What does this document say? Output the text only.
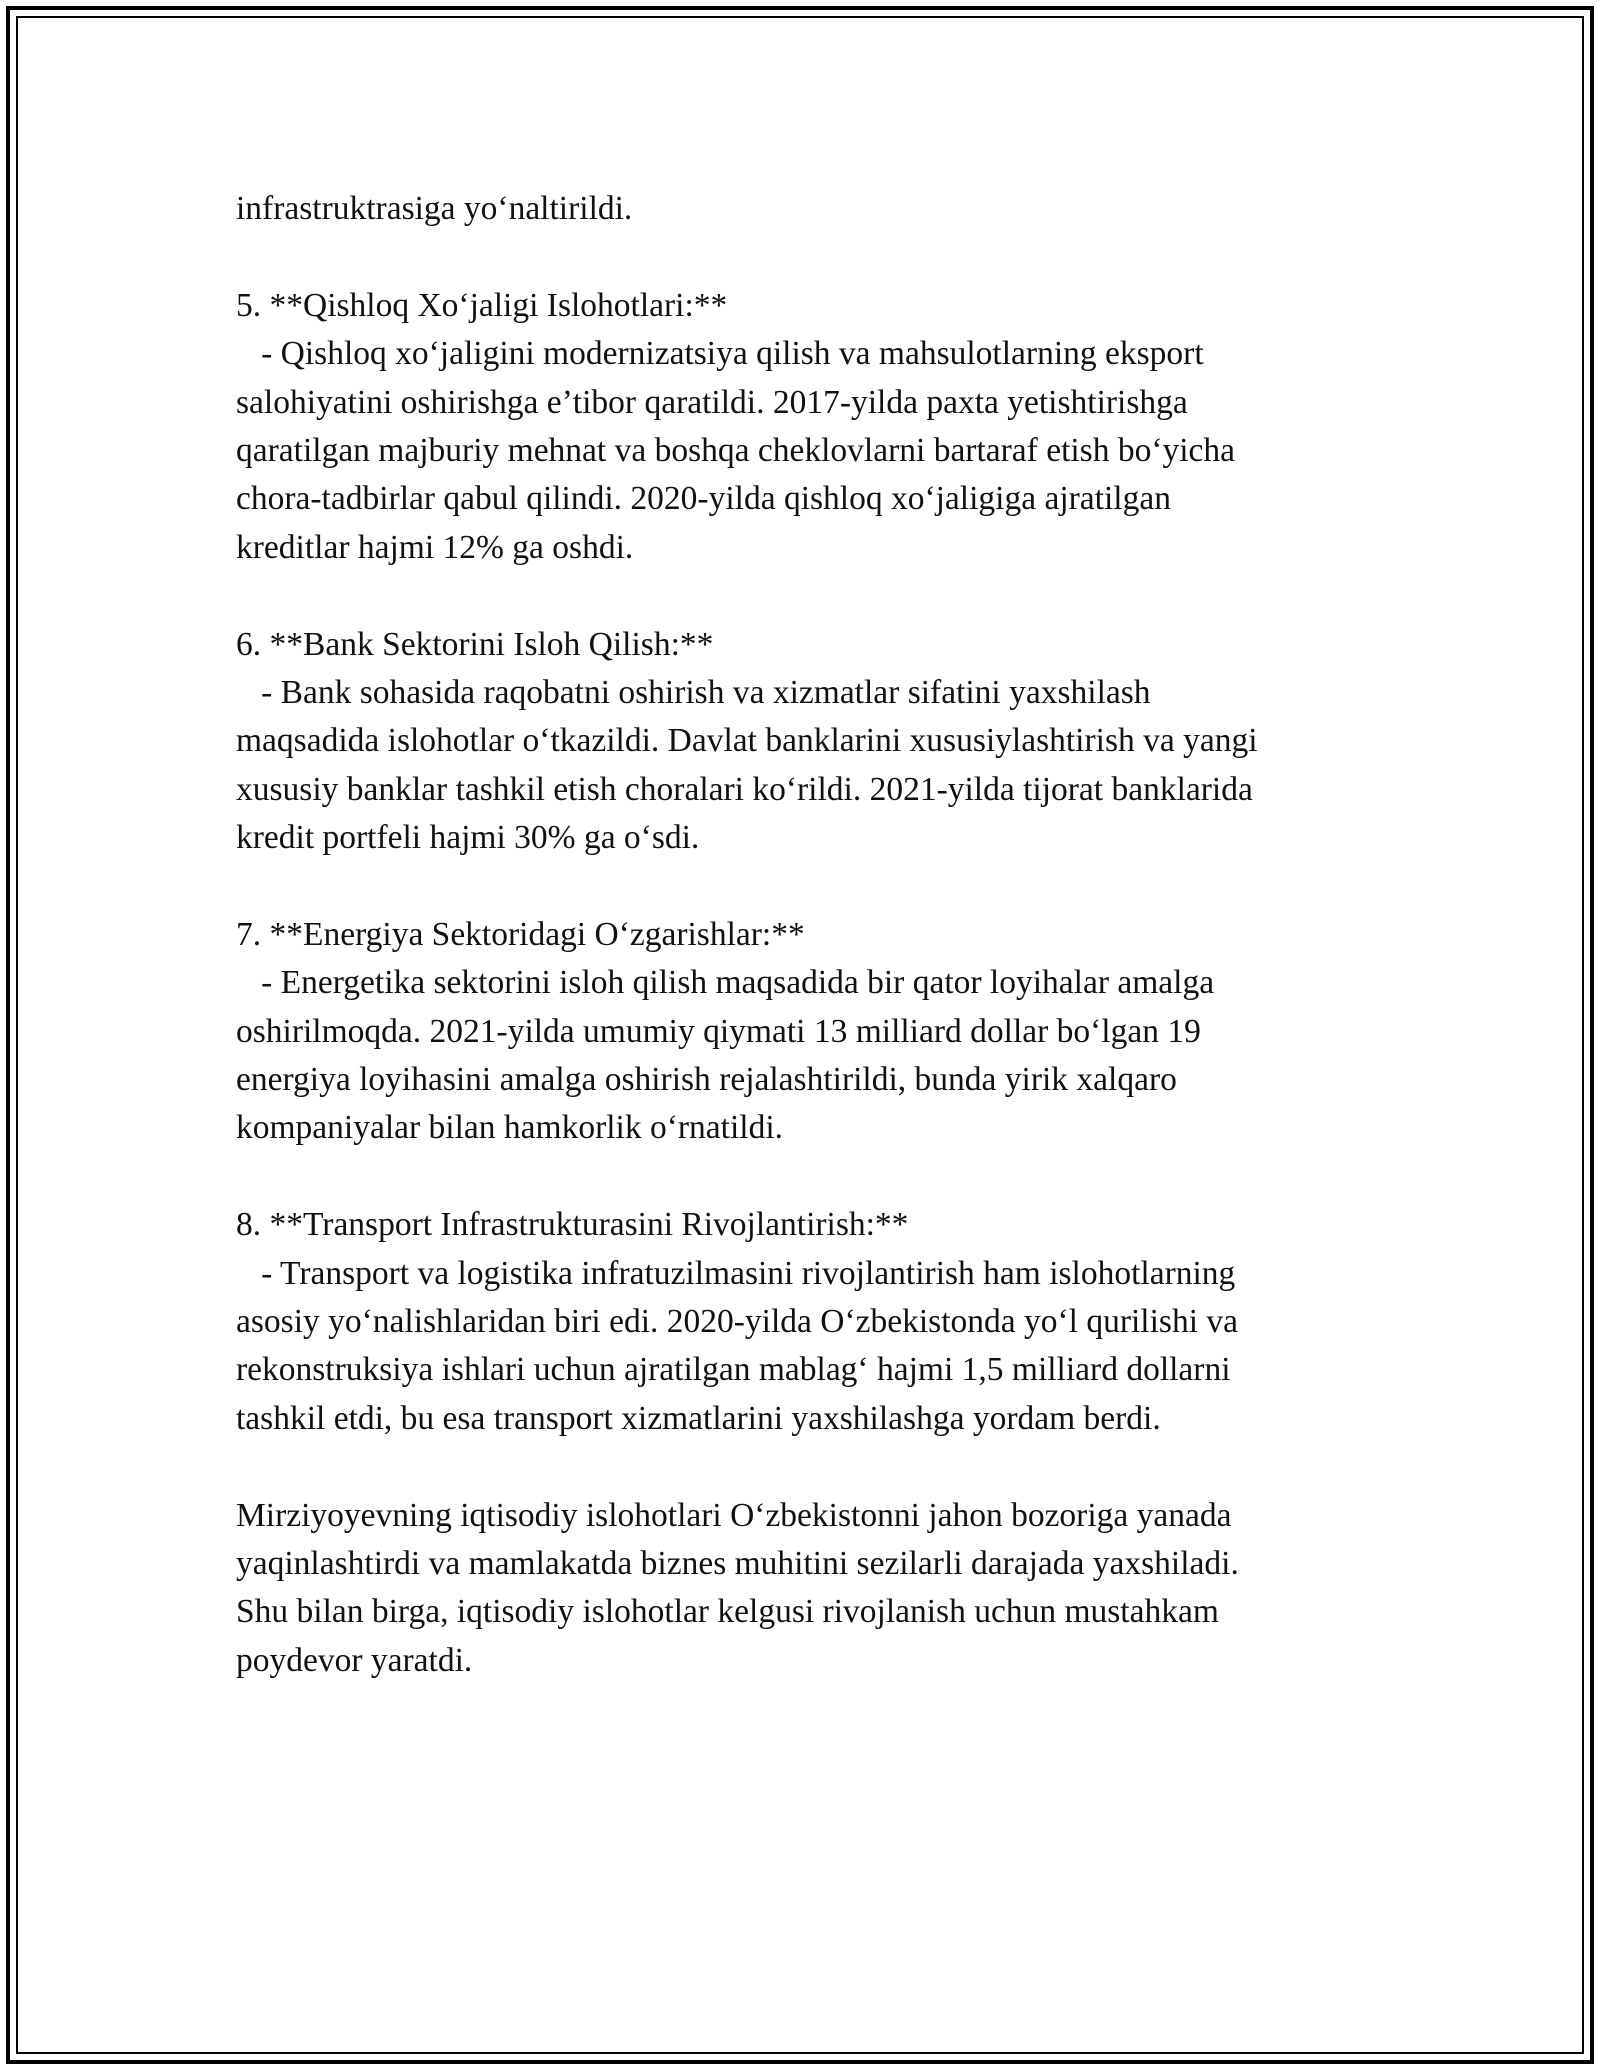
infrastruktrasiga yoʻnaltirildi.
5. **Qishloq Xoʻjaligi Islohotlari:**
- Qishloq xoʻjaligini modernizatsiya qilish va mahsulotlarning eksport
salohiyatini oshirishga eʼtibor qaratildi. 2017-yilda paxta yetishtirishga
qaratilgan majburiy mehnat va boshqa cheklovlarni bartaraf etish boʻyicha
chora-tadbirlar qabul qilindi. 2020-yilda qishloq xoʻjaligiga ajratilgan
kreditlar hajmi 12% ga oshdi.
6. **Bank Sektorini Isloh Qilish:**
- Bank sohasida raqobatni oshirish va xizmatlar sifatini yaxshilash
maqsadida islohotlar oʻtkazildi. Davlat banklarini xususiylashtirish va yangi
xususiy banklar tashkil etish choralari koʻrildi. 2021-yilda tijorat banklarida
kredit portfeli hajmi 30% ga oʻsdi.
7. **Energiya Sektoridagi Oʻzgarishlar:**
- Energetika sektorini isloh qilish maqsadida bir qator loyihalar amalga
oshirilmoqda. 2021-yilda umumiy qiymati 13 milliard dollar boʻlgan 19
energiya loyihasini amalga oshirish rejalashtirildi, bunda yirik xalqaro
kompaniyalar bilan hamkorlik oʻrnatildi.
8. **Transport Infrastrukturasini Rivojlantirish:**
- Transport va logistika infratuzilmasini rivojlantirish ham islohotlarning
asosiy yoʻnalishlaridan biri edi. 2020-yilda Oʻzbekistonda yoʻl qurilishi va
rekonstruksiya ishlari uchun ajratilgan mablagʻ hajmi 1,5 milliard dollarni
tashkil etdi, bu esa transport xizmatlarini yaxshilashga yordam berdi.
Mirziyoyevning iqtisodiy islohotlari Oʻzbekistonni jahon bozoriga yanada
yaqinlashtirdi va mamlakatda biznes muhitini sezilarli darajada yaxshiladi.
Shu bilan birga, iqtisodiy islohotlar kelgusi rivojlanish uchun mustahkam
poydevor yaratdi.
